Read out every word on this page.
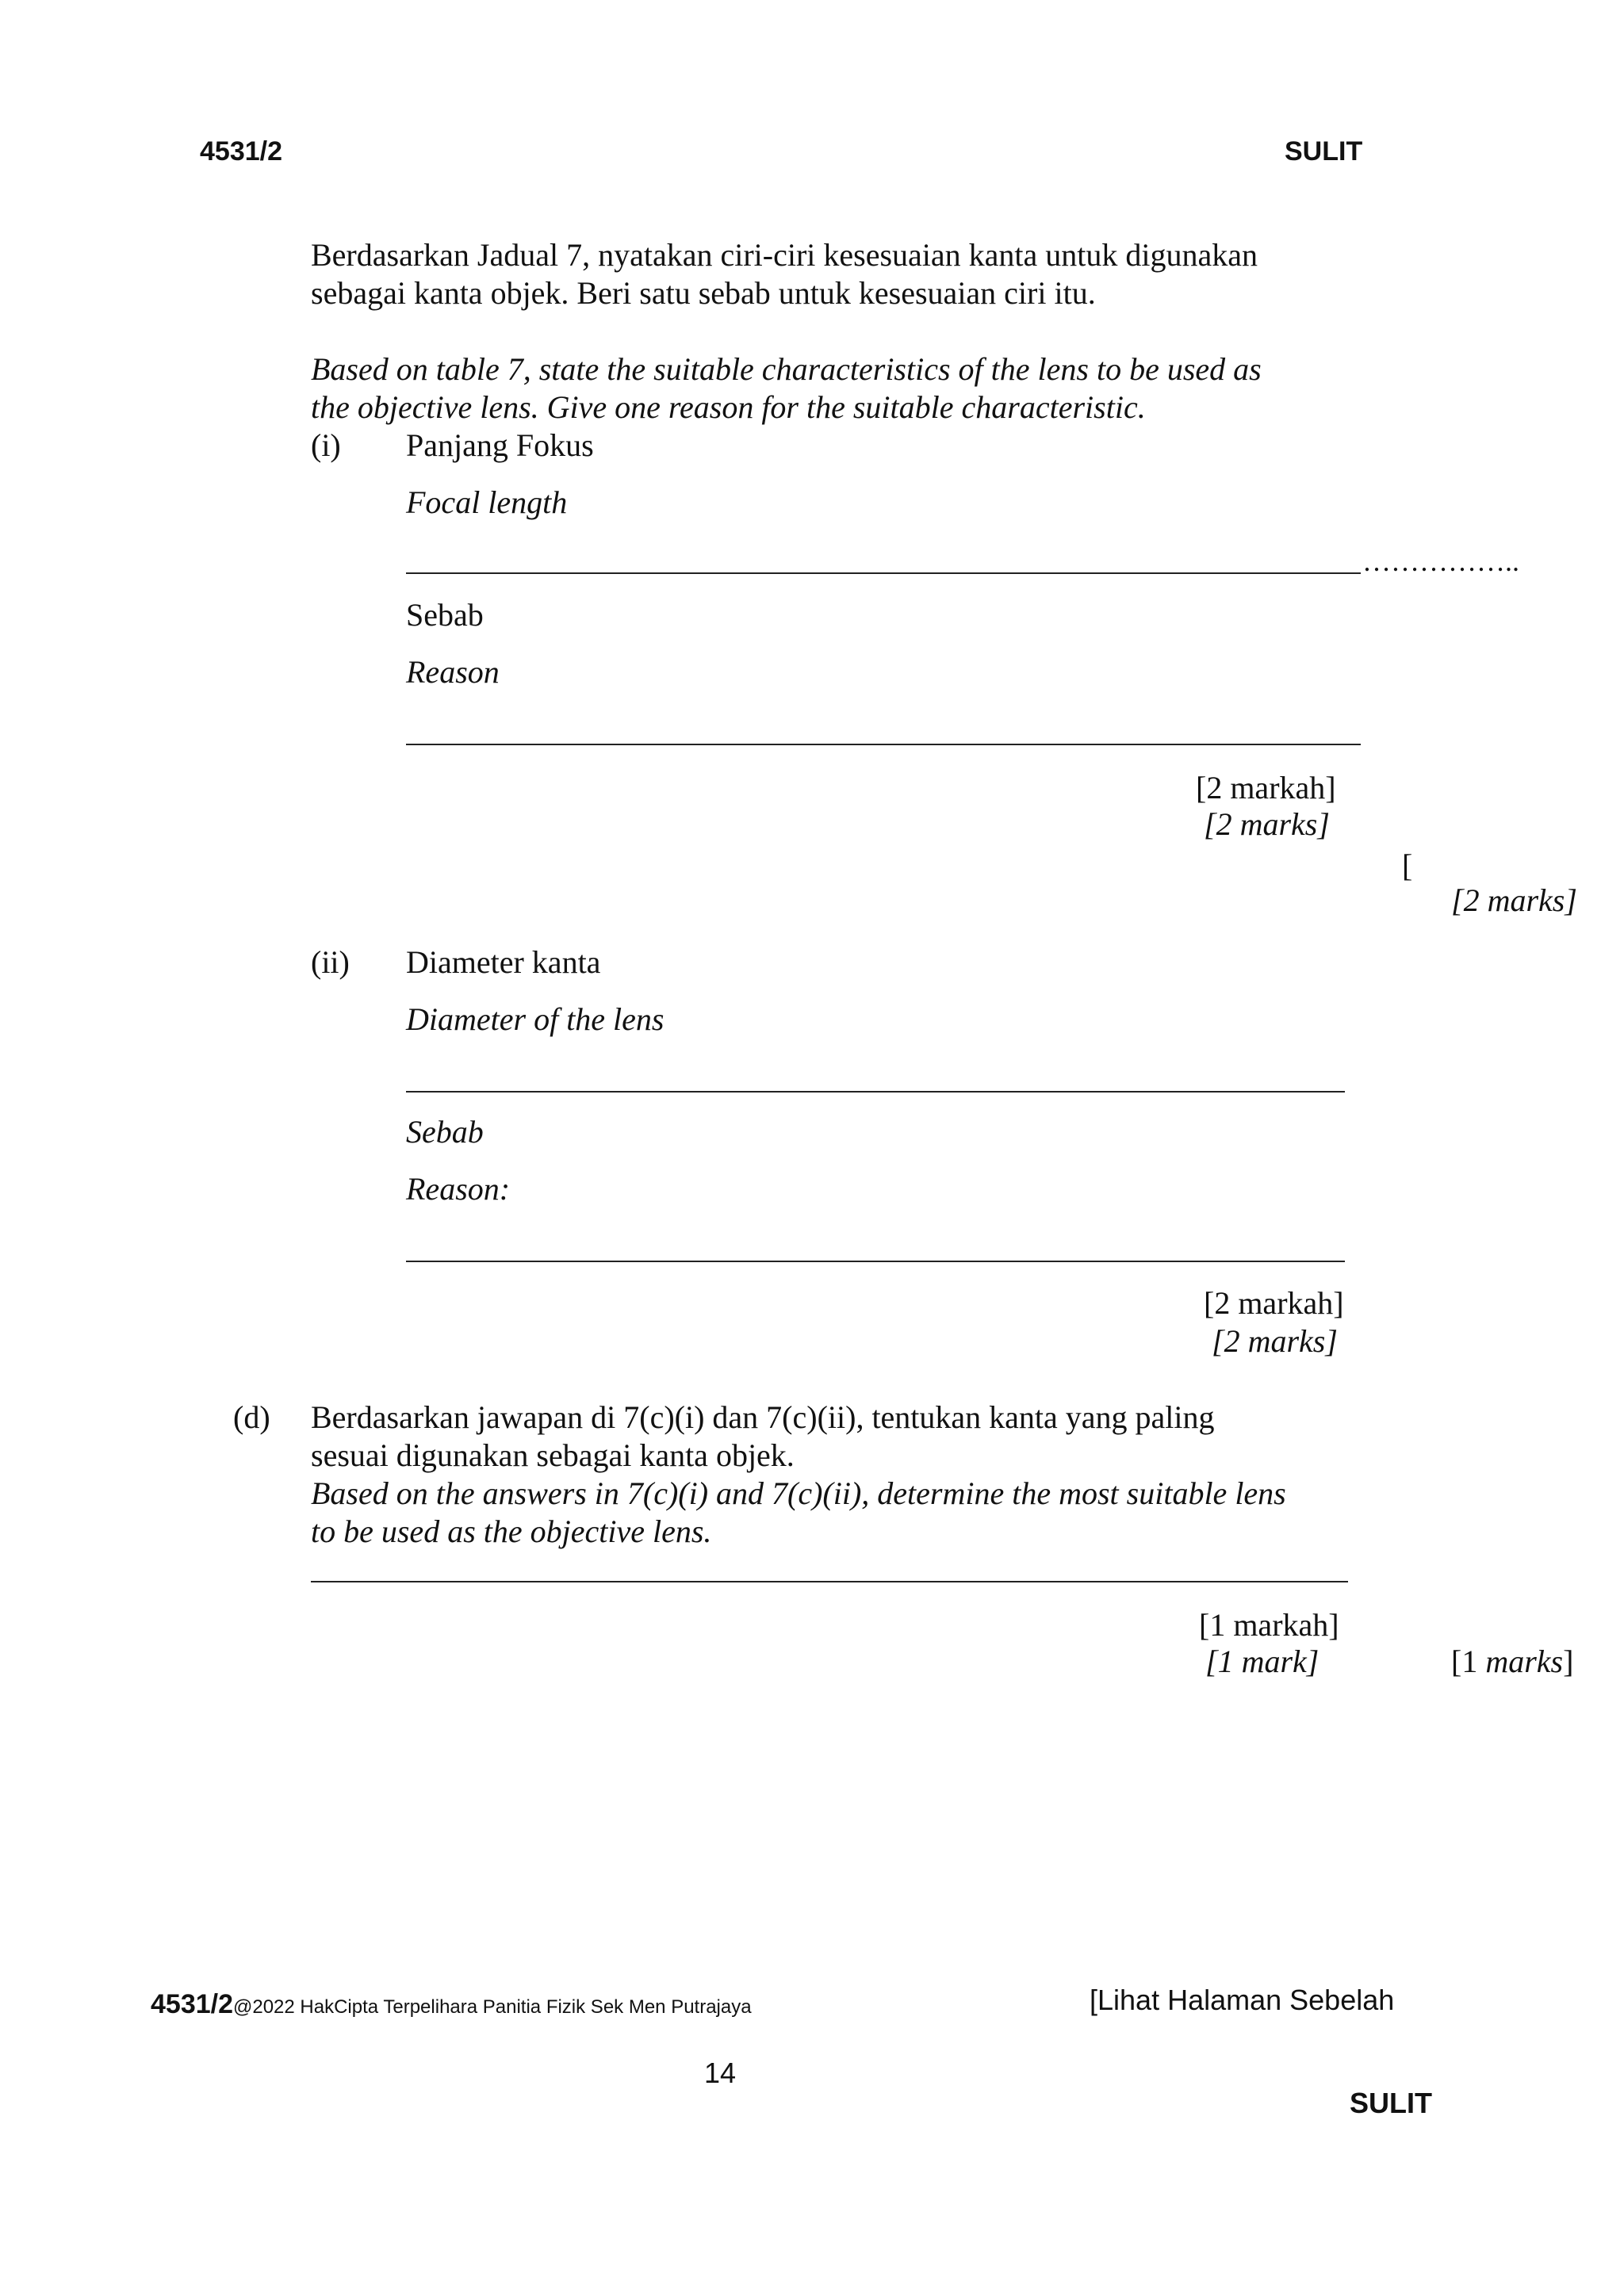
4531/2	SULIT
Berdasarkan Jadual 7, nyatakan ciri-ciri kesesuaian kanta untuk digunakan
sebagai kanta objek. Beri satu sebab untuk kesesuaian ciri itu.
Based on table 7, state the suitable characteristics of the lens to be used as
the objective lens. Give one reason for the suitable characteristic.
(i) Panjang Fokus
Focal length
……………..
Sebab
Reason
[2 markah]
[2 marks]
[
[2 marks]
(ii) Diameter kanta
Diameter of the lens
Sebab
Reason:
[2 markah]
[2 marks]
(d) Berdasarkan jawapan di 7(c)(i) dan 7(c)(ii), tentukan kanta yang paling
sesuai digunakan sebagai kanta objek.
Based on the answers in 7(c)(i) and 7(c)(ii), determine the most suitable lens
to be used as the objective lens.
[1 markah]
[1 mark]	[1 marks]
4531/2@2022 HakCipta Terpelihara Panitia Fizik Sek Men Putrajaya	[Lihat Halaman Sebelah
14
SULIT
